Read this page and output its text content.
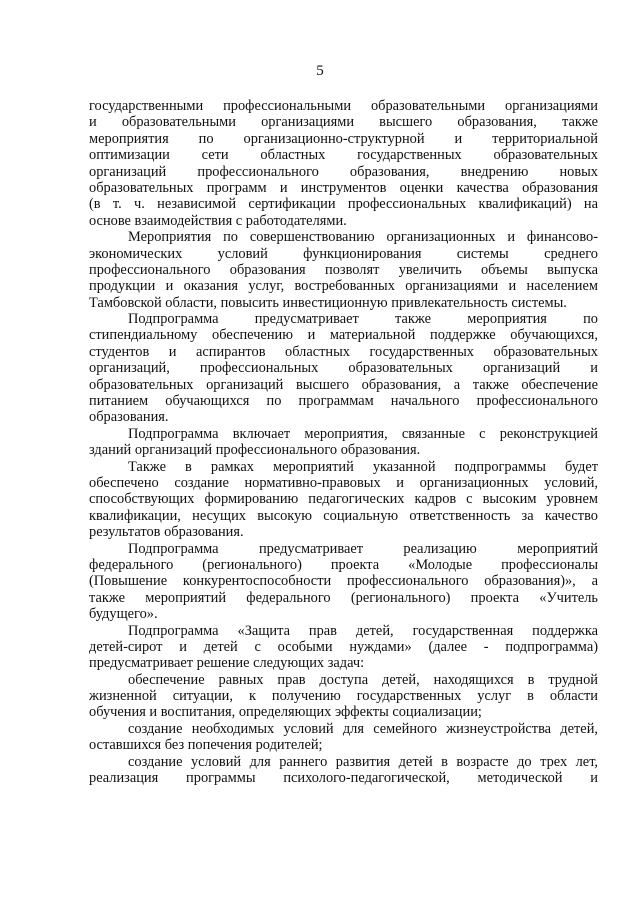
5
государственными профессиональными образовательными организациями
и образовательными организациями высшего образования, также
мероприятия по организационно-структурной и территориальной
оптимизации сети областных государственных образовательных
организаций профессионального образования, внедрению новых
образовательных программ и инструментов оценки качества образования
(в т. ч. независимой сертификации профессиональных квалификаций) на
основе взаимодействия с работодателями.
Мероприятия по совершенствованию организационных и финансово-
экономических условий функционирования системы среднего
профессионального образования позволят увеличить объемы выпуска
продукции и оказания услуг, востребованных организациями и населением
Тамбовской области, повысить инвестиционную привлекательность системы.
Подпрограмма предусматривает также мероприятия по
стипендиальному обеспечению и материальной поддержке обучающихся,
студентов и аспирантов областных государственных образовательных
организаций, профессиональных образовательных организаций и
образовательных организаций высшего образования, а также обеспечение
питанием обучающихся по программам начального профессионального
образования.
Подпрограмма включает мероприятия, связанные с реконструкцией
зданий организаций профессионального образования.
Также в рамках мероприятий указанной подпрограммы будет
обеспечено создание нормативно-правовых и организационных условий,
способствующих формированию педагогических кадров с высоким уровнем
квалификации, несущих высокую социальную ответственность за качество
результатов образования.
Подпрограмма предусматривает реализацию мероприятий
федерального (регионального) проекта «Молодые профессионалы
(Повышение конкурентоспособности профессионального образования)», а
также мероприятий федерального (регионального) проекта «Учитель
будущего».
Подпрограмма «Защита прав детей, государственная поддержка
детей-сирот и детей с особыми нуждами» (далее - подпрограмма)
предусматривает решение следующих задач:
обеспечение равных прав доступа детей, находящихся в трудной
жизненной ситуации, к получению государственных услуг в области
обучения и воспитания, определяющих эффекты социализации;
создание необходимых условий для семейного жизнеустройства детей,
оставшихся без попечения родителей;
создание условий для раннего развития детей в возрасте до трех лет,
реализация программы психолого-педагогической, методической и
